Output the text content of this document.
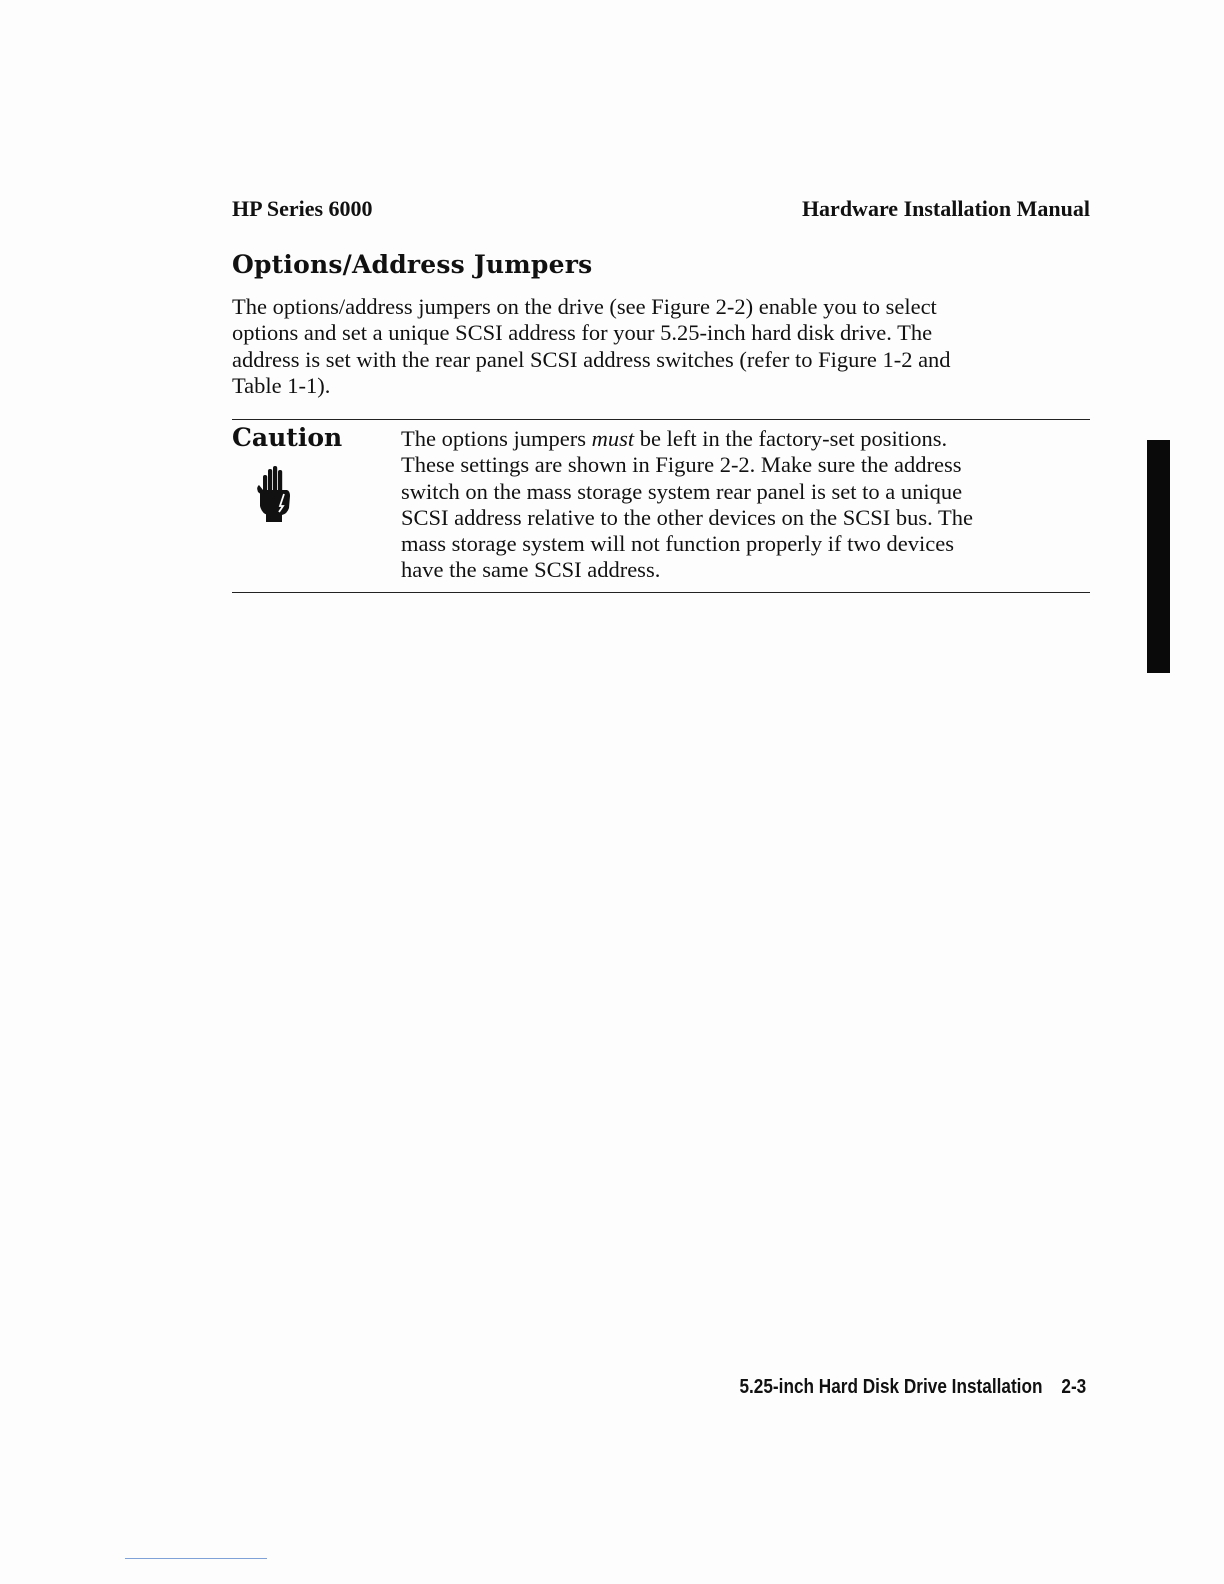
HP Series 6000	Hardware Installation Manual
Options/Address Jumpers
The options/address jumpers on the drive (see Figure 2-2) enable you to select
options and set a unique SCSI address for your 5.25-inch hard disk drive. The
address is set with the rear panel SCSI address switches (refer to Figure 1-2 and
Table 1-1).
Caution	The options jumpers must be left in the factory-set positions.
These settings are shown in Figure 2-2. Make sure the address
switch on the mass storage system rear panel is set to a unique
SCSI address relative to the other devices on the SCSI bus. The
mass storage system will not function properly if two devices
have the same SCSI address.
5.25-inch Hard Disk Drive Installation 2-3
